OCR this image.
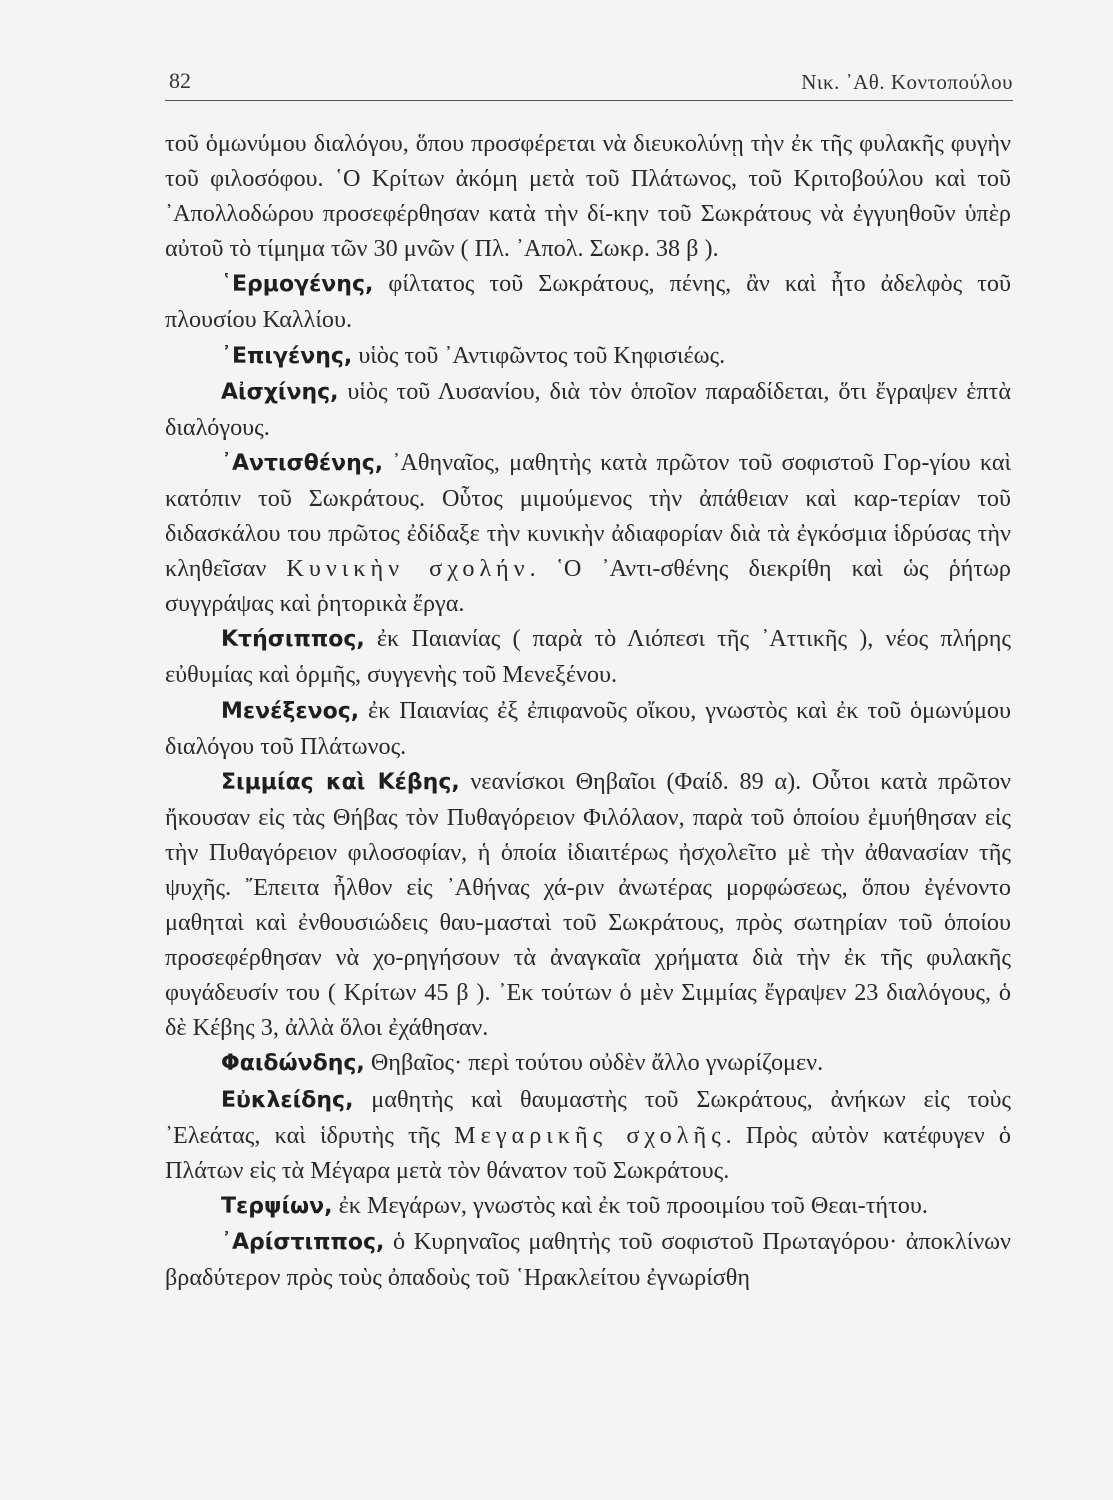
82	Νικ. ᾿Αθ. Κοντοπούλου

τοῦ ὁμωνύμου διαλόγου, ὅπου προσφέρεται νὰ διευκολύνῃ τὴν ἐκ τῆς φυλακῆς φυγὴν τοῦ φιλοσόφου. ῾Ο Κρίτων ἀκόμη μετὰ τοῦ Πλάτωνος, τοῦ Κριτοβούλου καὶ τοῦ ᾿Απολλοδώρου προσεφέρθησαν κατὰ τὴν δί-κην τοῦ Σωκράτους νὰ ἐγγυηθοῦν ὑπὲρ αὐτοῦ τὸ τίμημα τῶν 30 μνῶν ( Πλ. ᾿Απολ. Σωκρ. 38 β ).

῾Ερμογένης, φίλτατος τοῦ Σωκράτους, πένης, ἂν καὶ ἦτο ἀδελφὸς τοῦ πλουσίου Καλλίου.

᾿Επιγένης, υἱὸς τοῦ ᾿Αντιφῶντος τοῦ Κηφισιέως.

Αἰσχίνης, υἱὸς τοῦ Λυσανίου, διὰ τὸν ὁποῖον παραδίδεται, ὅτι ἔγραψεν ἑπτὰ διαλόγους.

᾿Αντισθένης, ᾿Αθηναῖος, μαθητὴς κατὰ πρῶτον τοῦ σοφιστοῦ Γορ-γίου καὶ κατόπιν τοῦ Σωκράτους. Οὗτος μιμούμενος τὴν ἀπάθειαν καὶ καρ-τερίαν τοῦ διδασκάλου του πρῶτος ἐδίδαξε τὴν κυνικὴν ἀδιαφορίαν διὰ τὰ ἐγκόσμια ἱδρύσας τὴν κληθεῖσαν Κυνικὴν σχολήν. ῾Ο ᾿Αντι-σθένης διεκρίθη καὶ ὡς ῥήτωρ συγγράψας καὶ ῥητορικὰ ἔργα.

Κτήσιππος, ἐκ Παιανίας ( παρὰ τὸ Λιόπεσι τῆς ᾿Αττικῆς ), νέος πλήρης εὐθυμίας καὶ ὁρμῆς, συγγενὴς τοῦ Μενεξένου.

Μενέξενος, ἐκ Παιανίας ἐξ ἐπιφανοῦς οἴκου, γνωστὸς καὶ ἐκ τοῦ ὁμωνύμου διαλόγου τοῦ Πλάτωνος.

Σιμμίας καὶ Κέβης, νεανίσκοι Θηβαῖοι (Φαίδ. 89 α). Οὗτοι κατὰ πρῶτον ἤκουσαν εἰς τὰς Θήβας τὸν Πυθαγόρειον Φιλόλαον, παρὰ τοῦ ὁποίου ἐμυήθησαν εἰς τὴν Πυθαγόρειον φιλοσοφίαν, ἡ ὁποία ἰδιαιτέρως ἠσχολεῖτο μὲ τὴν ἀθανασίαν τῆς ψυχῆς. ῎Επειτα ἦλθον εἰς ᾿Αθήνας χά-ριν ἀνωτέρας μορφώσεως, ὅπου ἐγένοντο μαθηταὶ καὶ ἐνθουσιώδεις θαυ-μασταὶ τοῦ Σωκράτους, πρὸς σωτηρίαν τοῦ ὁποίου προσεφέρθησαν νὰ χο-ρηγήσουν τὰ ἀναγκαῖα χρήματα διὰ τὴν ἐκ τῆς φυλακῆς φυγάδευσίν του ( Κρίτων 45 β ). ᾿Εκ τούτων ὁ μὲν Σιμμίας ἔγραψεν 23 διαλόγους, ὁ δὲ Κέβης 3, ἀλλὰ ὅλοι ἐχάθησαν.

Φαιδώνδης, Θηβαῖος· περὶ τούτου οὐδὲν ἄλλο γνωρίζομεν.

Εὐκλείδης, μαθητὴς καὶ θαυμαστὴς τοῦ Σωκράτους, ἀνήκων εἰς τοὺς ᾿Ελεάτας, καὶ ἱδρυτὴς τῆς Μεγαρικῆς σχολῆς. Πρὸς αὐτὸν κατέφυγεν ὁ Πλάτων εἰς τὰ Μέγαρα μετὰ τὸν θάνατον τοῦ Σωκράτους.

Τερψίων, ἐκ Μεγάρων, γνωστὸς καὶ ἐκ τοῦ προοιμίου τοῦ Θεαι-τήτου.

᾿Αρίστιππος, ὁ Κυρηναῖος μαθητὴς τοῦ σοφιστοῦ Πρωταγόρου· ἀποκλίνων βραδύτερον πρὸς τοὺς ὀπαδοὺς τοῦ ῾Ηρακλείτου ἐγνωρίσθη
